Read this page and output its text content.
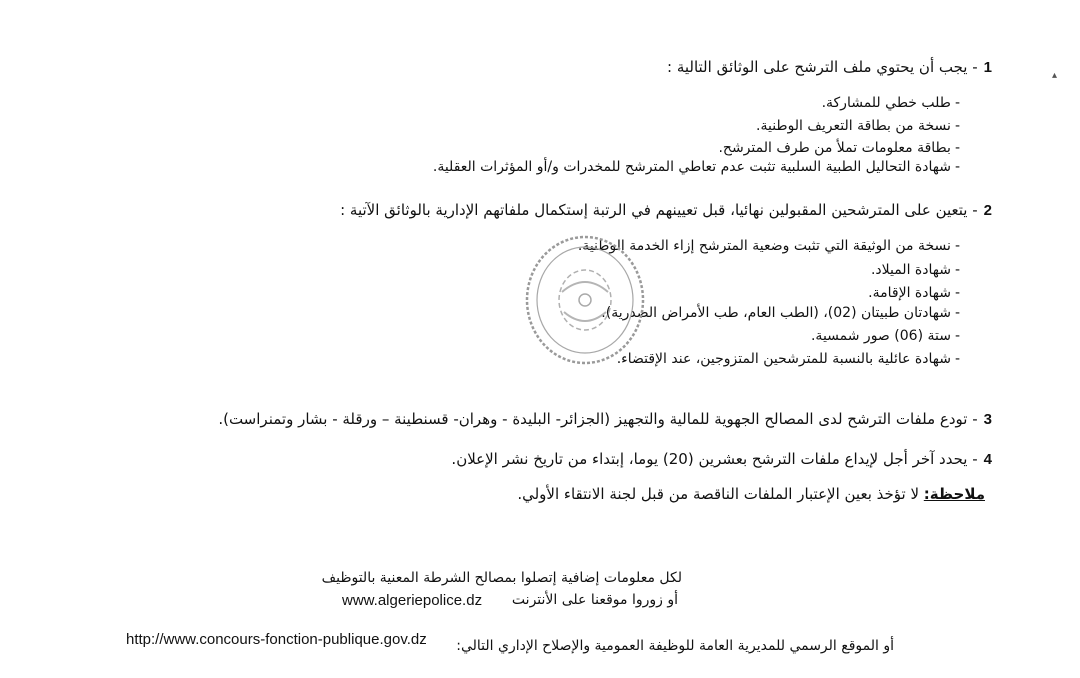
1- يجب أن يحتوي ملف الترشح على الوثائق التالية :
-طلب خطي للمشاركة.
-نسخة من بطاقة التعريف الوطنية.
-بطاقة معلومات تملأ من طرف المترشح.
-شهادة التحاليل الطبية السلبية تثبت عدم تعاطي المترشح للمخدرات و/أو المؤثرات العقلية.
2- يتعين على المترشحين المقبولين نهائيا، قبل تعيينهم في الرتبة إستكمال ملفاتهم الإدارية بالوثائق الآتية :
-نسخة من الوثيقة التي تثبت وضعية المترشح إزاء الخدمة الوطنية.
-شهادة الميلاد.
-شهادة الإقامة.
-شهادتان طبيتان (02)، (الطب العام، طب الأمراض الصدرية).
-ستة (06) صور شمسية.
-شهادة عائلية بالنسبة للمترشحين المتزوجين، عند الإقتضاء.
3- تودع ملفات الترشح لدى المصالح الجهوية للمالية والتجهيز (الجزائر- البليدة - وهران- قسنطينة – ورقلة - بشار وتمنراست).
4- يحدد آخر أجل لإيداع ملفات الترشح بعشرين (20) يوما، إبتداء من تاريخ نشر الإعلان.
ملاحظة: لا تؤخذ بعين الإعتبار الملفات الناقصة من قبل لجنة الانتقاء الأولي.
لكل معلومات إضافية إتصلوا بمصالح الشرطة المعنية بالتوظيف
أو زوروا موقعنا على الأنترنت
www.algeriepolice.dz
أو الموقع الرسمي للمديرية العامة للوظيفة العمومية والإصلاح الإداري التالي:
http://www.concours-fonction-publique.gov.dz
▴
